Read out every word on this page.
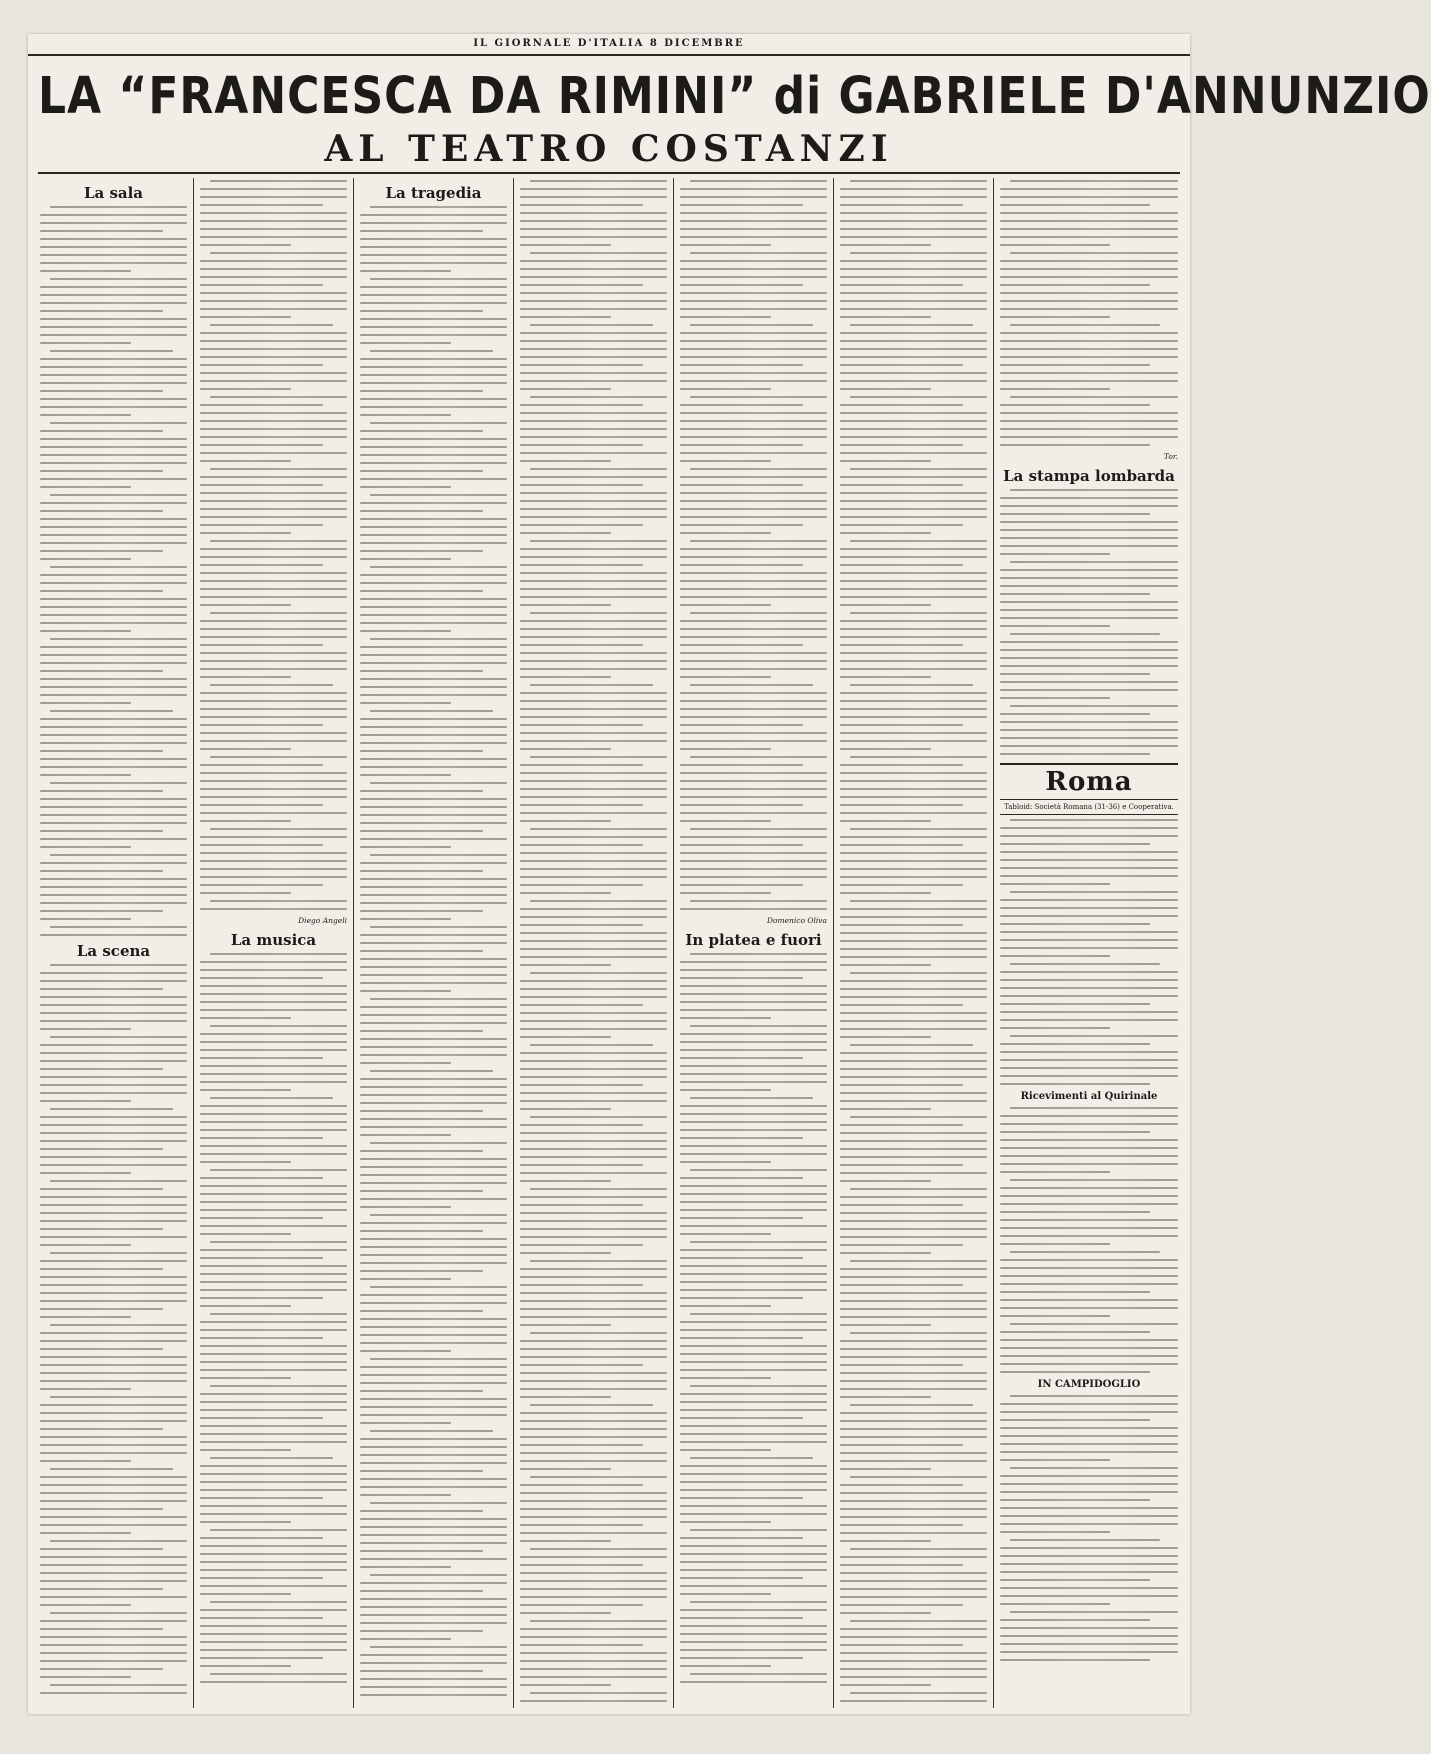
IL GIORNALE D'ITALIA 8 DICEMBRE
LA “FRANCESCA DA RIMINI” di GABRIELE D'ANNUNZIO
AL TEATRO COSTANZI
La sala
La scena
Diego Angeli
La musica
La tragedia
Domenico Oliva
In platea e fuori
Tor.
La stampa lombarda
Roma
Tabloid: Società Romana (31-36) e Cooperativa.
Ricevimenti al Quirinale
IN CAMPIDOGLIO
